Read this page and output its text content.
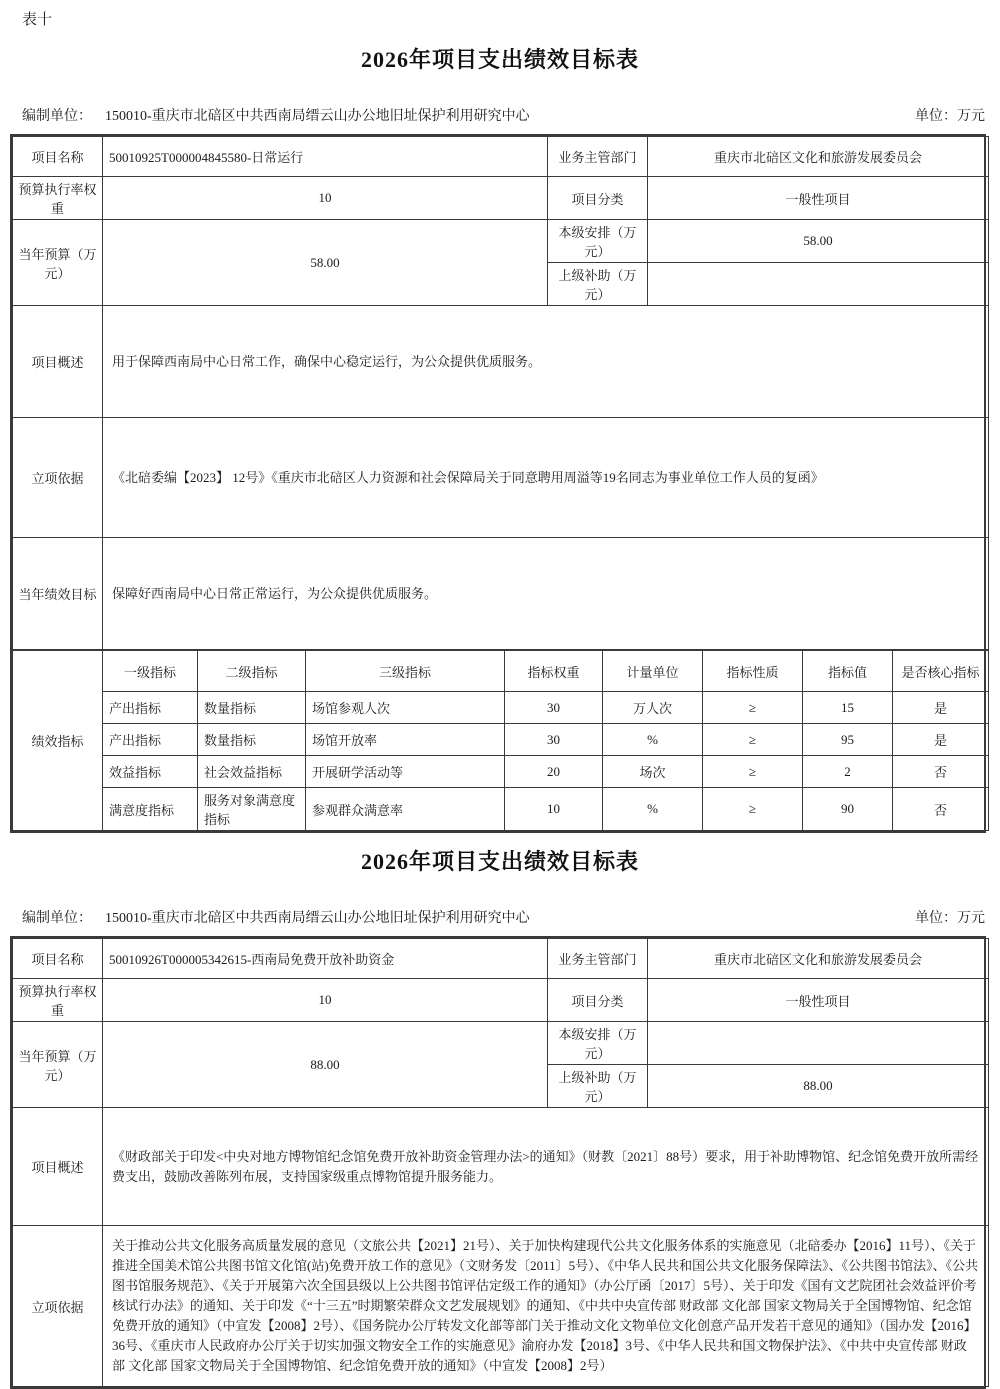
表十
2026年项目支出绩效目标表
编制单位： 150010-重庆市北碚区中共西南局缙云山办公地旧址保护利用研究中心	单位：万元
项目名称	50010925T000004845580-日常运行	业务主管部门	重庆市北碚区文化和旅游发展委员会
预算执行率权重	10	项目分类	一般性项目
当年预算（万元）	58.00	本级安排（万元）	58.00
		上级补助（万元）	
项目概述	用于保障西南局中心日常工作，确保中心稳定运行，为公众提供优质服务。		
立项依据	《北碚委编【2023】 12号》《重庆市北碚区人力资源和社会保障局关于同意聘用周溢等19名同志为事业单位工作人员的复函》		
当年绩效目标	保障好西南局中心日常正常运行，为公众提供优质服务。		
绩效指标	一级指标	二级指标	三级指标	指标权重	计量单位	指标性质	指标值	是否核心指标
	产出指标	数量指标	场馆参观人次	30	万人次	≥	15	是
	产出指标	数量指标	场馆开放率	30	%	≥	95	是
	效益指标	社会效益指标	开展研学活动等	20	场次	≥	2	否
	满意度指标	服务对象满意度指标	参观群众满意率	10	%	≥	90	否
2026年项目支出绩效目标表
编制单位： 150010-重庆市北碚区中共西南局缙云山办公地旧址保护利用研究中心	单位：万元
项目名称	50010926T000005342615-西南局免费开放补助资金	业务主管部门	重庆市北碚区文化和旅游发展委员会
预算执行率权重	10	项目分类	一般性项目
当年预算（万元）	88.00	本级安排（万元）	
		上级补助（万元）	88.00
项目概述	《财政部关于印发<中央对地方博物馆纪念馆免费开放补助资金管理办法>的通知》（财教〔2021〕88号）要求，用于补助博物馆、纪念馆免费开放所需经费支出，鼓励改善陈列布展，支持国家级重点博物馆提升服务能力。		
立项依据	关于推动公共文化服务高质量发展的意见（文旅公共【2021】21号）、关于加快构建现代公共文化服务体系的实施意见（北碚委办【2016】11号）、《关于推进全国美术馆公共图书馆文化馆(站)免费开放工作的意见》（文财务发〔2011〕5号）、《中华人民共和国公共文化服务保障法》、《公共图书馆法》、《公共图书馆服务规范》、《关于开展第六次全国县级以上公共图书馆评估定级工作的通知》（办公厅函〔2017〕5号）、关于印发《国有文艺院团社会效益评价考核试行办法》的通知、关于印发《“十三五”时期繁荣群众文艺发展规划》的通知、《中共中央宣传部 财政部 文化部 国家文物局关于全国博物馆、纪念馆免费开放的通知》（中宣发【2008】2号）、《国务院办公厅转发文化部等部门关于推动文化文物单位文化创意产品开发若干意见的通知》（国办发【2016】36号、《重庆市人民政府办公厅关于切实加强文物安全工作的实施意见》渝府办发【2018】3号、《中华人民共和国文物保护法》、《中共中央宣传部 财政部 文化部 国家文物局关于全国博物馆、纪念馆免费开放的通知》（中宣发【2008】2号）		
